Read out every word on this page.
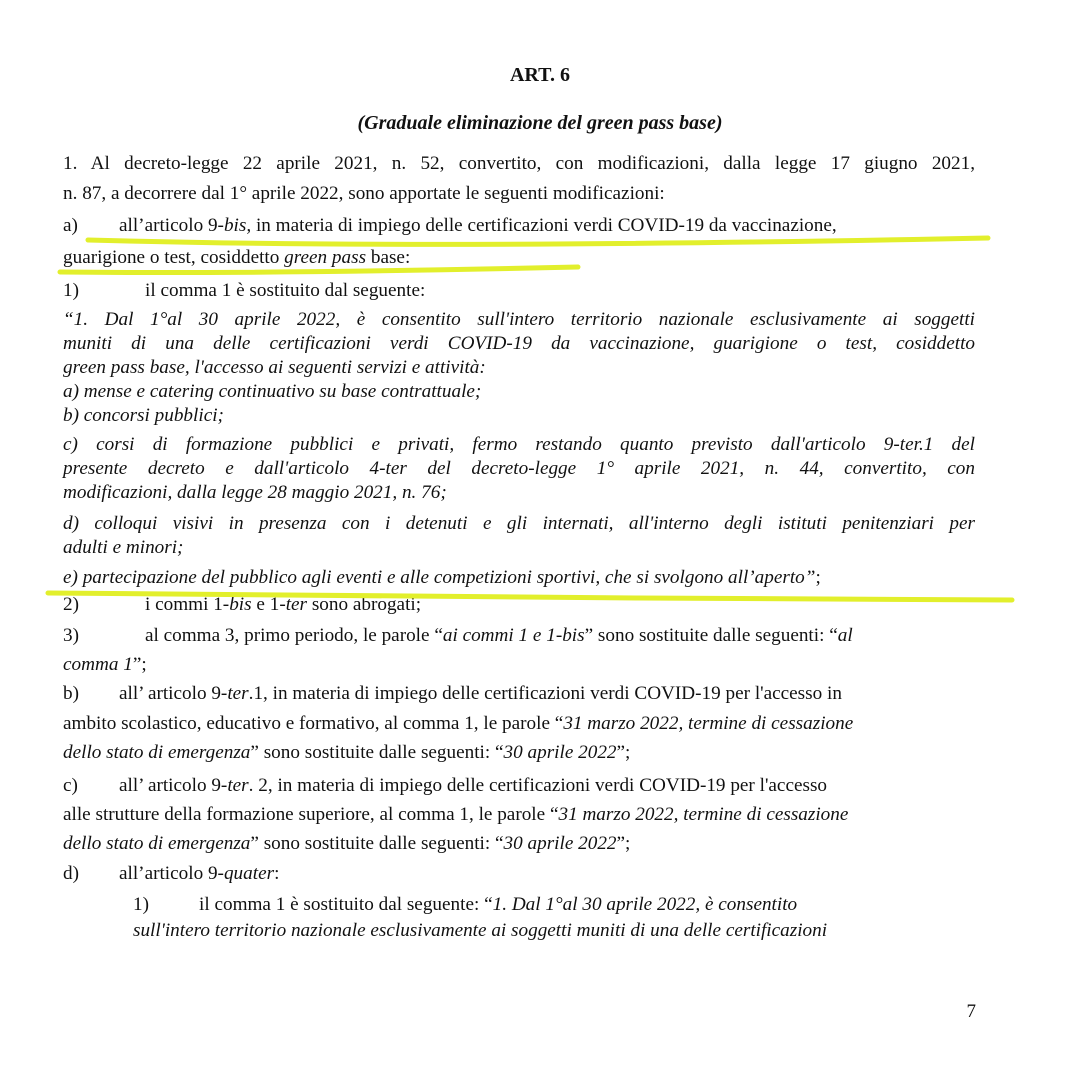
ART. 6
(Graduale eliminazione del green pass base)
1. Al decreto-legge 22 aprile 2021, n. 52, convertito, con modificazioni, dalla legge 17 giugno 2021,
n. 87, a decorrere dal 1° aprile 2022, sono apportate le seguenti modificazioni:
a) all’articolo 9-bis, in materia di impiego delle certificazioni verdi COVID-19 da vaccinazione,
guarigione o test, cosiddetto green pass base:
1)	il comma 1 è sostituito dal seguente:
“1. Dal 1°al 30 aprile 2022, è consentito sull'intero territorio nazionale esclusivamente ai soggetti
muniti di una delle certificazioni verdi COVID-19 da vaccinazione, guarigione o test, cosiddetto
green pass base, l'accesso ai seguenti servizi e attività:
a) mense e catering continuativo su base contrattuale;
b) concorsi pubblici;
c) corsi di formazione pubblici e privati, fermo restando quanto previsto dall'articolo 9-ter.1 del
presente decreto e dall'articolo 4-ter del decreto-legge 1° aprile 2021, n. 44, convertito, con
modificazioni, dalla legge 28 maggio 2021, n. 76;
d) colloqui visivi in presenza con i detenuti e gli internati, all'interno degli istituti penitenziari per
adulti e minori;
e) partecipazione del pubblico agli eventi e alle competizioni sportivi, che si svolgono all’aperto”;
2)	i commi 1-bis e 1-ter sono abrogati;
3)	al comma 3, primo periodo, le parole “ai commi 1 e 1-bis” sono sostituite dalle seguenti: “al
comma 1”;
b) all’ articolo 9-ter.1, in materia di impiego delle certificazioni verdi COVID-19 per l'accesso in
ambito scolastico, educativo e formativo, al comma 1, le parole “31 marzo 2022, termine di cessazione
dello stato di emergenza” sono sostituite dalle seguenti: “30 aprile 2022”;
c) all’ articolo 9-ter. 2, in materia di impiego delle certificazioni verdi COVID-19 per l'accesso
alle strutture della formazione superiore, al comma 1, le parole “31 marzo 2022, termine di cessazione
dello stato di emergenza” sono sostituite dalle seguenti: “30 aprile 2022”;
d) all’articolo 9-quater:
1)	il comma 1 è sostituito dal seguente: “1. Dal 1°al 30 aprile 2022, è consentito
sull'intero territorio nazionale esclusivamente ai soggetti muniti di una delle certificazioni
7
